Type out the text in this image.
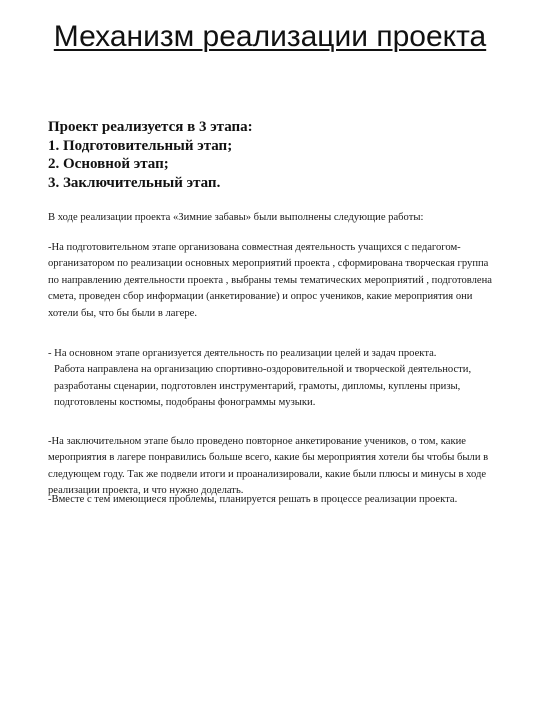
Механизм реализации проекта
Проект реализуется в 3 этапа:
1. Подготовительный этап;
2. Основной этап;
3. Заключительный этап.

В ходе реализации проекта «Зимние забавы» были выполнены следующие работы:

-На подготовительном этапе организована совместная деятельность учащихся с педагогом- организатором по реализации основных мероприятий проекта , сформирована творческая группа по направлению деятельности проекта , выбраны темы тематических мероприятий , подготовлена смета, проведен сбор информации (анкетирование) и опрос учеников, какие мероприятия они хотели бы, что бы были в лагере.

- На основном этапе организуется деятельность по реализации целей и задач проекта.
Работа направлена на организацию спортивно-оздоровительной и творческой деятельности, разработаны сценарии, подготовлен инструментарий, грамоты, дипломы, куплены призы, подготовлены костюмы, подобраны фонограммы музыки.

-На заключительном этапе было проведено повторное анкетирование учеников, о том, какие мероприятия в лагере понравились больше всего, какие бы мероприятия хотели бы чтобы были в следующем году. Так же подвели итоги и проанализировали, какие были плюсы и минусы в ходе реализации проекта, и что нужно доделать.

-Вместе с тем имеющиеся проблемы, планируется решать в процессе реализации проекта.
